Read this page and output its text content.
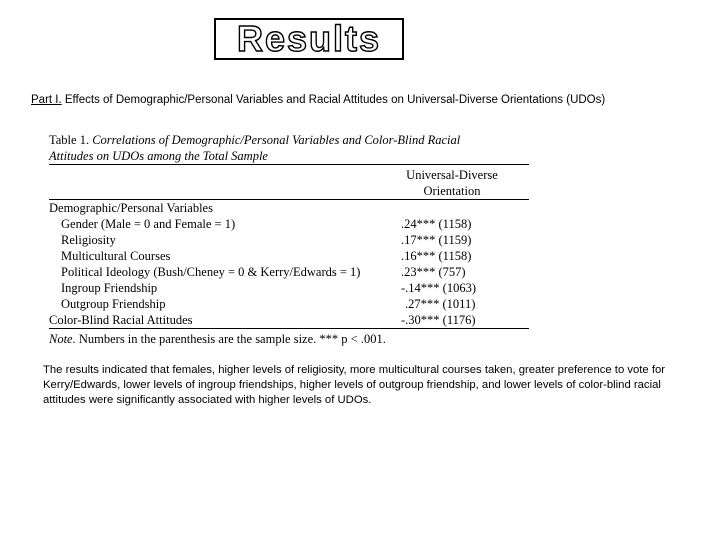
Results
Part I. Effects of Demographic/Personal Variables and Racial Attitudes on Universal-Diverse Orientations (UDOs)
Table 1. Correlations of Demographic/Personal Variables and Color-Blind Racial
Attitudes on UDOs among the Total Sample
Universal-Diverse
Orientation
Demographic/Personal Variables
Gender (Male = 0 and Female = 1)	.24*** (1158)
Religiosity	.17*** (1159)
Multicultural Courses	.16*** (1158)
Political Ideology (Bush/Cheney = 0 & Kerry/Edwards = 1)	.23*** (757)
Ingroup Friendship	-.14*** (1063)
Outgroup Friendship	.27*** (1011)
Color-Blind Racial Attitudes	-.30*** (1176)
Note. Numbers in the parenthesis are the sample size. *** p < .001.
The results indicated that females, higher levels of religiosity, more multicultural courses taken, greater preference to vote for Kerry/Edwards, lower levels of ingroup friendships, higher levels of outgroup friendship, and lower levels of color-blind racial attitudes were significantly associated with higher levels of UDOs.
